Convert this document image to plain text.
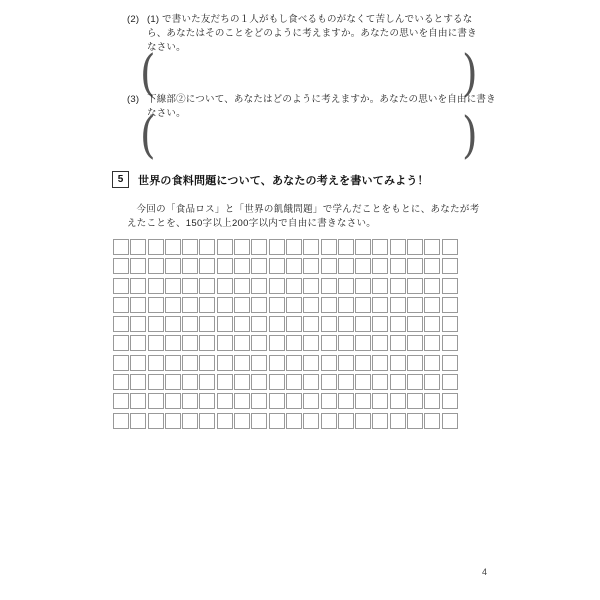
(2) (1) で書いた友だちの１人がもし食べるものがなくて苦しんでいるとするなら、あなたはそのことをどのように考えますか。あなたの思いを自由に書きなさい。
(	)
(3) 下線部②について、あなたはどのように考えますか。あなたの思いを自由に書きなさい。
(	)
5	世界の食料問題について、あなたの考えを書いてみよう！

今回の「食品ロス」と「世界の飢餓問題」で学んだことをもとに、あなたが考えたことを、150字以上200字以内で自由に書きなさい。

4
